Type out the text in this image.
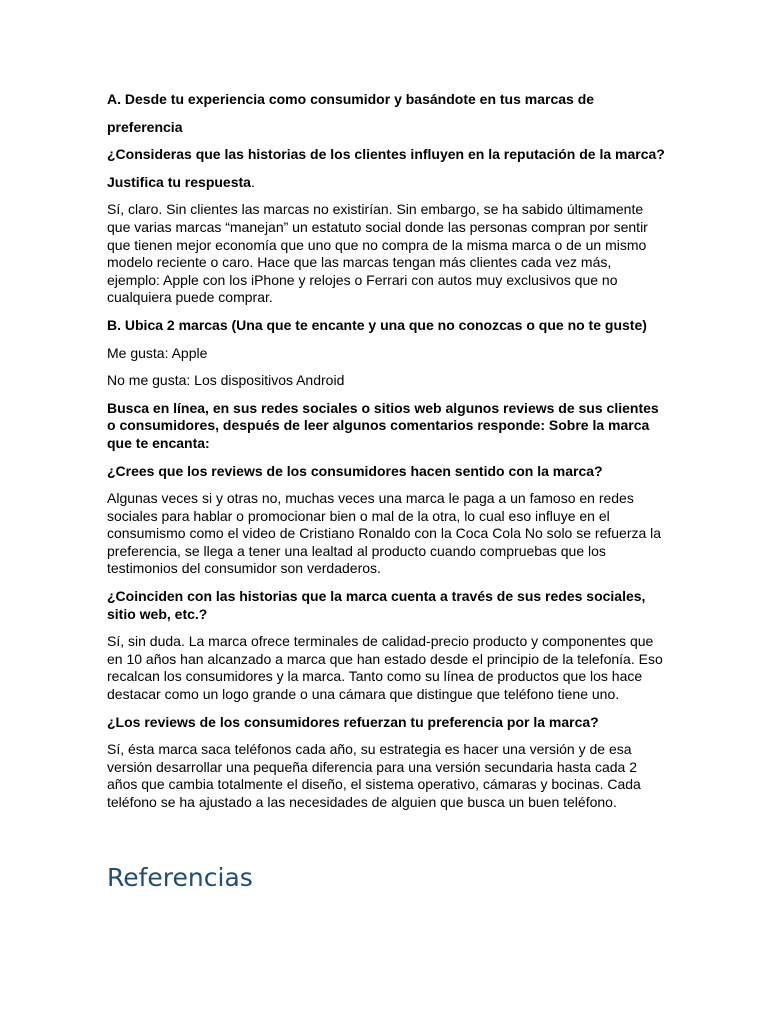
A. Desde tu experiencia como consumidor y basándote en tus marcas de

preferencia

¿Consideras que las historias de los clientes influyen en la reputación de la marca?

Justifica tu respuesta.

Sí, claro. Sin clientes las marcas no existirían. Sin embargo, se ha sabido últimamente que varias marcas “manejan” un estatuto social donde las personas compran por sentir que tienen mejor economía que uno que no compra de la misma marca o de un mismo modelo reciente o caro. Hace que las marcas tengan más clientes cada vez más, ejemplo: Apple con los iPhone y relojes o Ferrari con autos muy exclusivos que no cualquiera puede comprar.

B. Ubica 2 marcas (Una que te encante y una que no conozcas o que no te guste)

Me gusta: Apple

No me gusta: Los dispositivos Android

Busca en línea, en sus redes sociales o sitios web algunos reviews de sus clientes o consumidores, después de leer algunos comentarios responde: Sobre la marca que te encanta:

¿Crees que los reviews de los consumidores hacen sentido con la marca?

Algunas veces si y otras no, muchas veces una marca le paga a un famoso en redes sociales para hablar o promocionar bien o mal de la otra, lo cual eso influye en el consumismo como el video de Cristiano Ronaldo con la Coca Cola No solo se refuerza la preferencia, se llega a tener una lealtad al producto cuando compruebas que los testimonios del consumidor son verdaderos.

¿Coinciden con las historias que la marca cuenta a través de sus redes sociales, sitio web, etc.?

Sí, sin duda. La marca ofrece terminales de calidad-precio producto y componentes que en 10 años han alcanzado a marca que han estado desde el principio de la telefonía. Eso recalcan los consumidores y la marca. Tanto como su línea de productos que los hace destacar como un logo grande o una cámara que distingue que teléfono tiene uno.

¿Los reviews de los consumidores refuerzan tu preferencia por la marca?

Sí, ésta marca saca teléfonos cada año, su estrategia es hacer una versión y de esa versión desarrollar una pequeña diferencia para una versión secundaria hasta cada 2 años que cambia totalmente el diseño, el sistema operativo, cámaras y bocinas. Cada teléfono se ha ajustado a las necesidades de alguien que busca un buen teléfono.

Referencias
